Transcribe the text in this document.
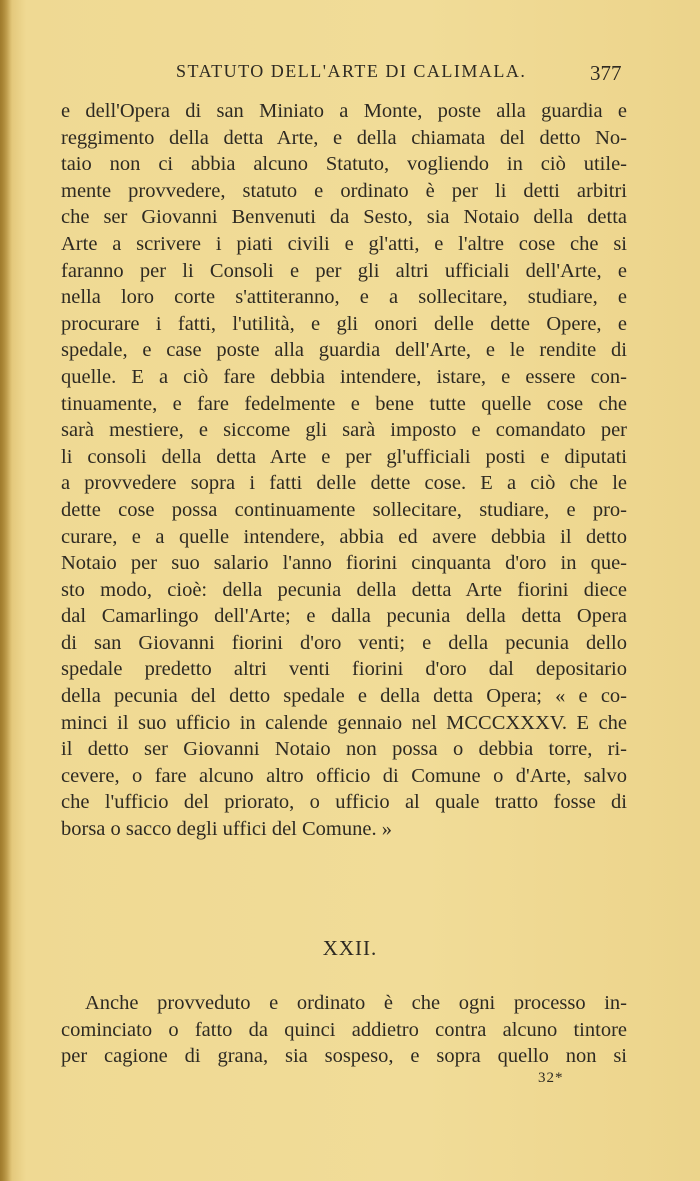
STATUTO DELL'ARTE DI CALIMALA.	377
e dell'Opera di san Miniato a Monte, poste alla guardia e
reggimento della detta Arte, e della chiamata del detto No-
taio non ci abbia alcuno Statuto, vogliendo in ciò utile-
mente provvedere, statuto e ordinato è per li detti arbitri
che ser Giovanni Benvenuti da Sesto, sia Notaio della detta
Arte a scrivere i piati civili e gl'atti, e l'altre cose che si
faranno per li Consoli e per gli altri ufficiali dell'Arte, e
nella loro corte s'attiteranno, e a sollecitare, studiare, e
procurare i fatti, l'utilità, e gli onori delle dette Opere, e
spedale, e case poste alla guardia dell'Arte, e le rendite di
quelle. E a ciò fare debbia intendere, istare, e essere con-
tinuamente, e fare fedelmente e bene tutte quelle cose che
sarà mestiere, e siccome gli sarà imposto e comandato per
li consoli della detta Arte e per gl'ufficiali posti e diputati
a provvedere sopra i fatti delle dette cose. E a ciò che le
dette cose possa continuamente sollecitare, studiare, e pro-
curare, e a quelle intendere, abbia ed avere debbia il detto
Notaio per suo salario l'anno fiorini cinquanta d'oro in que-
sto modo, cioè: della pecunia della detta Arte fiorini diece
dal Camarlingo dell'Arte; e dalla pecunia della detta Opera
di san Giovanni fiorini d'oro venti; e della pecunia dello
spedale predetto altri venti fiorini d'oro dal depositario
della pecunia del detto spedale e della detta Opera; « e co-
minci il suo ufficio in calende gennaio nel MCCCXXXV. E che
il detto ser Giovanni Notaio non possa o debbia torre, ri-
cevere, o fare alcuno altro officio di Comune o d'Arte, salvo
che l'ufficio del priorato, o ufficio al quale tratto fosse di
borsa o sacco degli uffici del Comune. »
XXII.
Anche provveduto e ordinato è che ogni processo in-
cominciato o fatto da quinci addietro contra alcuno tintore
per cagione di grana, sia sospeso, e sopra quello non si
32*
